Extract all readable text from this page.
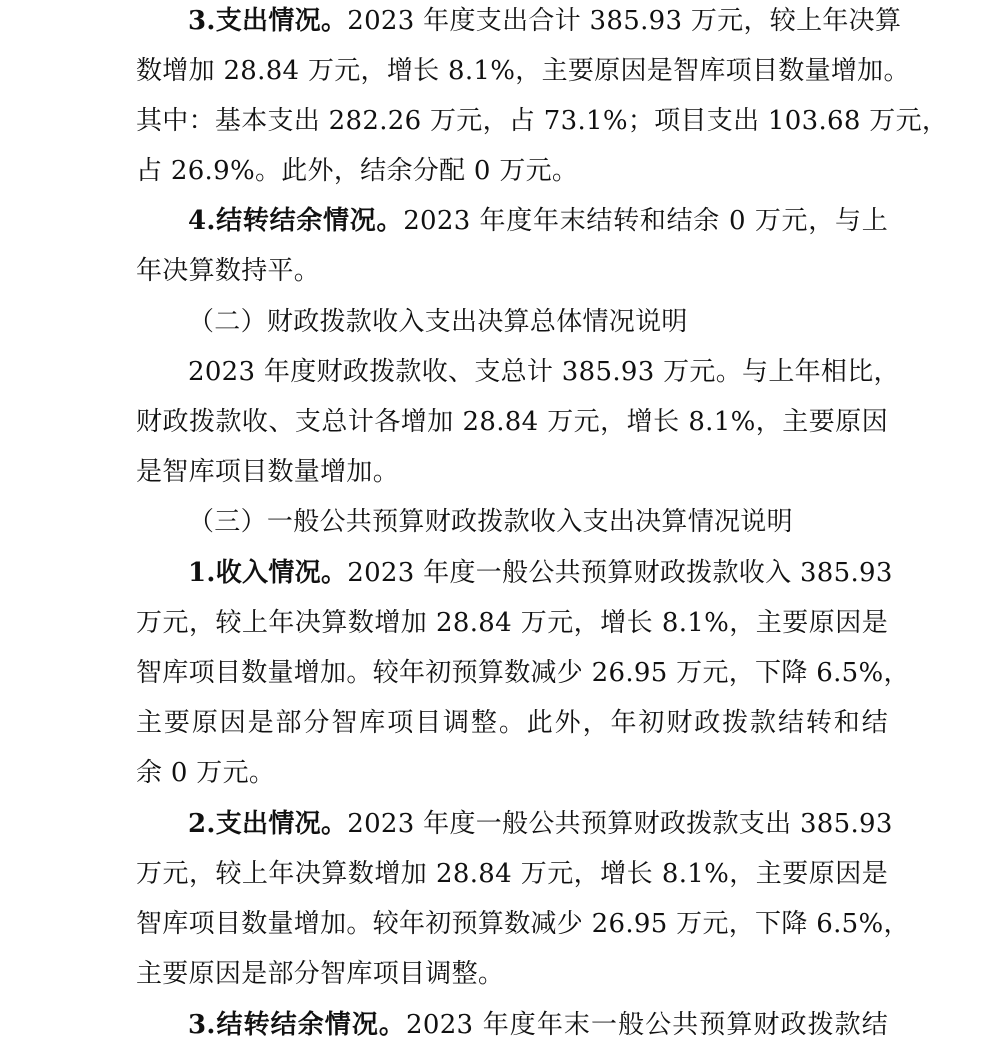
3.支出情况。2023 年度支出合计 385.93 万元，较上年决算
数增加 28.84 万元，增长 8.1%，主要原因是智库项目数量增加。
其中：基本支出 282.26 万元，占 73.1%；项目支出 103.68 万元，
占 26.9%。此外，结余分配 0 万元。
4.结转结余情况。2023 年度年末结转和结余 0 万元，与上
年决算数持平。
（二）财政拨款收入支出决算总体情况说明
2023 年度财政拨款收、支总计 385.93 万元。与上年相比，
财政拨款收、支总计各增加 28.84 万元，增长 8.1%，主要原因
是智库项目数量增加。
（三）一般公共预算财政拨款收入支出决算情况说明
1.收入情况。2023 年度一般公共预算财政拨款收入 385.93
万元，较上年决算数增加 28.84 万元，增长 8.1%，主要原因是
智库项目数量增加。较年初预算数减少 26.95 万元，下降 6.5%，
主要原因是部分智库项目调整。此外，年初财政拨款结转和结
余 0 万元。
2.支出情况。2023 年度一般公共预算财政拨款支出 385.93
万元，较上年决算数增加 28.84 万元，增长 8.1%，主要原因是
智库项目数量增加。较年初预算数减少 26.95 万元，下降 6.5%，
主要原因是部分智库项目调整。
3.结转结余情况。2023 年度年末一般公共预算财政拨款结
